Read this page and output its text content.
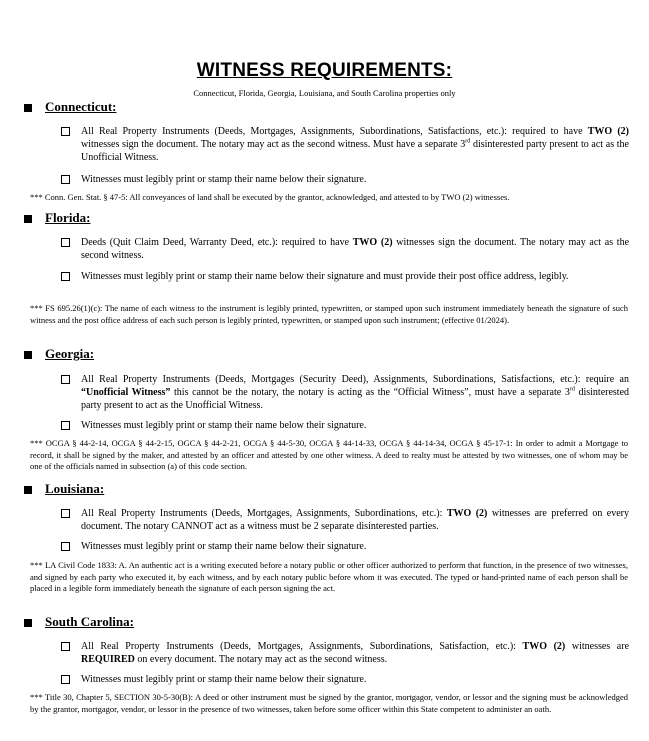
WITNESS REQUIREMENTS:
Connecticut, Florida, Georgia, Louisiana, and South Carolina properties only
Connecticut:
All Real Property Instruments (Deeds, Mortgages, Assignments, Subordinations, Satisfactions, etc.): required to have TWO (2) witnesses sign the document. The notary may act as the second witness. Must have a separate 3rd disinterested party present to act as the Unofficial Witness.
Witnesses must legibly print or stamp their name below their signature.
*** Conn. Gen. Stat. § 47-5: All conveyances of land shall be executed by the grantor, acknowledged, and attested to by TWO (2) witnesses.
Florida:
Deeds (Quit Claim Deed, Warranty Deed, etc.): required to have TWO (2) witnesses sign the document. The notary may act as the second witness.
Witnesses must legibly print or stamp their name below their signature and must provide their post office address, legibly.
*** FS 695.26(1)(c): The name of each witness to the instrument is legibly printed, typewritten, or stamped upon such instrument immediately beneath the signature of such witness and the post office address of each such person is legibly printed, typewritten, or stamped upon such instrument; (effective 01/2024).
Georgia:
All Real Property Instruments (Deeds, Mortgages (Security Deed), Assignments, Subordinations, Satisfactions, etc.): require an “Unofficial Witness” this cannot be the notary, the notary is acting as the “Official Witness”, must have a separate 3rd disinterested party present to act as the Unofficial Witness.
Witnesses must legibly print or stamp their name below their signature.
*** OCGA § 44-2-14, OCGA § 44-2-15, OGCA § 44-2-21, OCGA § 44-5-30, OCGA § 44-14-33, OCGA § 44-14-34, OCGA § 45-17-1: In order to admit a Mortgage to record, it shall be signed by the maker, and attested by an officer and attested by one other witness. A deed to realty must be attested by two witnesses, one of whom may be one of the officials named in subsection (a) of this code section.
Louisiana:
All Real Property Instruments (Deeds, Mortgages, Assignments, Subordinations, etc.): TWO (2) witnesses are preferred on every document. The notary CANNOT act as a witness must be 2 separate disinterested parties.
Witnesses must legibly print or stamp their name below their signature.
*** LA Civil Code 1833: A. An authentic act is a writing executed before a notary public or other officer authorized to perform that function, in the presence of two witnesses, and signed by each party who executed it, by each witness, and by each notary public before whom it was executed. The typed or hand-printed name of each person shall be placed in a legible form immediately beneath the signature of each person signing the act.
South Carolina:
All Real Property Instruments (Deeds, Mortgages, Assignments, Subordinations, Satisfaction, etc.): TWO (2) witnesses are REQUIRED on every document. The notary may act as the second witness.
Witnesses must legibly print or stamp their name below their signature.
*** Title 30, Chapter 5, SECTION 30-5-30(B): A deed or other instrument must be signed by the grantor, mortgagor, vendor, or lessor and the signing must be acknowledged by the grantor, mortgagor, vendor, or lessor in the presence of two witnesses, taken before some officer within this State competent to administer an oath.
